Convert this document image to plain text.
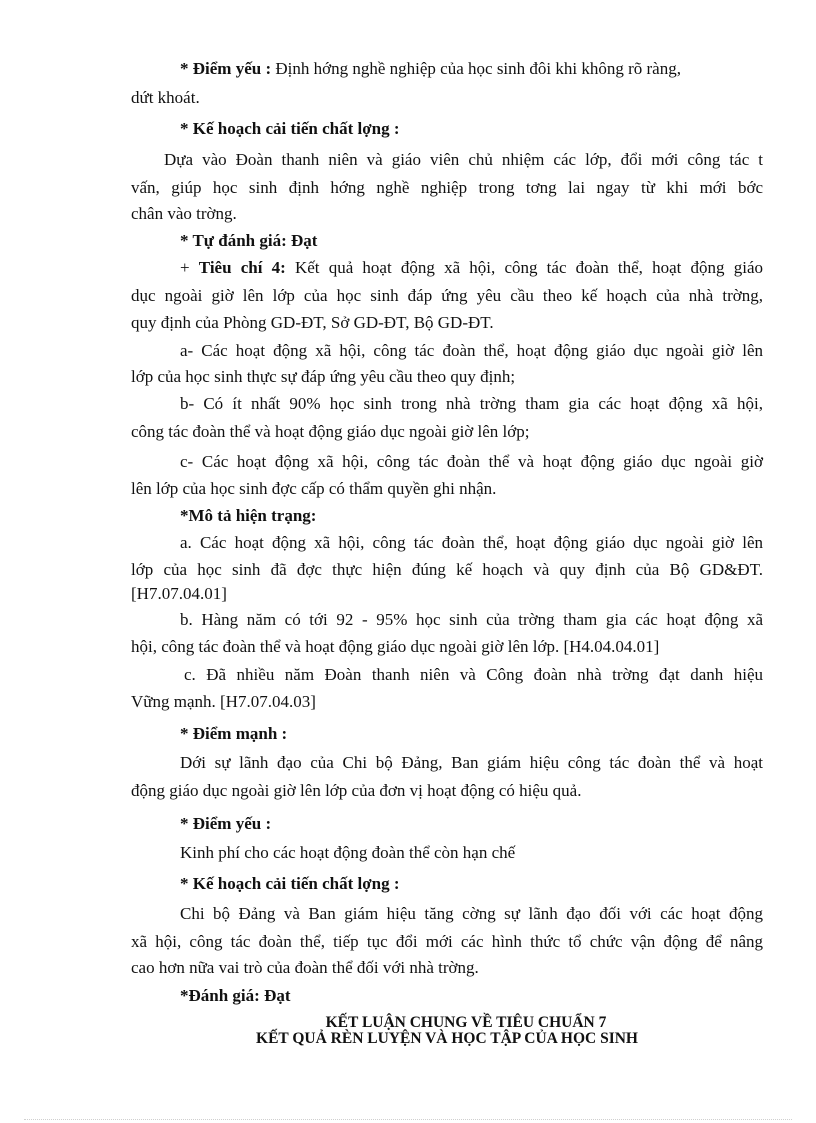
* Điểm yếu : Định hớng nghề nghiệp của học sinh đôi khi không rõ ràng,

dứt khoát.

* Kế hoạch cải tiến chất lợng :

Dựa vào Đoàn thanh niên và giáo viên chủ nhiệm các lớp, đổi mới công tác t

vấn, giúp học sinh định hớng nghề nghiệp trong tơng lai ngay từ khi mới bớc

chân vào trờng.

* Tự đánh giá: Đạt

+ Tiêu chí 4: Kết quả hoạt động xã hội, công tác đoàn thể, hoạt động giáo

dục ngoài giờ lên lớp của học sinh đáp ứng yêu cầu theo kế hoạch của nhà trờng,

quy định của Phòng GD-ĐT, Sở GD-ĐT, Bộ GD-ĐT.

a- Các hoạt động xã hội, công tác đoàn thể, hoạt động giáo dục ngoài giờ lên

lớp của học sinh thực sự đáp ứng yêu cầu theo quy định;

b- Có ít nhất 90% học sinh trong nhà trờng tham gia các hoạt động xã hội,

công tác đoàn thể và hoạt động giáo dục ngoài giờ lên lớp;

c- Các hoạt động xã hội, công tác đoàn thể và hoạt động giáo dục ngoài giờ

lên lớp của học sinh đợc cấp có thẩm quyền ghi nhận.

*Mô tả hiện trạng:

a. Các hoạt động xã hội, công tác đoàn thể, hoạt động giáo dục ngoài giờ lên

lớp của học sinh đã đợc thực hiện đúng kế hoạch và quy định của Bộ GD&ĐT.

[H7.07.04.01]

b. Hàng năm có tới 92 - 95% học sinh của trờng tham gia các hoạt động xã

hội, công tác đoàn thể và hoạt động giáo dục ngoài giờ lên lớp. [H4.04.04.01]

c. Đã nhiều năm Đoàn thanh niên và Công đoàn nhà trờng đạt danh hiệu

Vững mạnh. [H7.07.04.03]

* Điểm mạnh :

Dới sự lãnh đạo của Chi bộ Đảng, Ban giám hiệu công tác đoàn thể và hoạt

động giáo dục ngoài giờ lên lớp của đơn vị hoạt động có hiệu quả.

* Điểm yếu :

Kinh phí cho các hoạt động đoàn thể còn hạn chế

* Kế hoạch cải tiến chất lợng :

Chi bộ Đảng và Ban giám hiệu tăng cờng sự lãnh đạo đối với các hoạt động

xã hội, công tác đoàn thể, tiếp tục đổi mới các hình thức tổ chức vận động để nâng

cao hơn nữa vai trò của đoàn thể đối với nhà trờng.

*Đánh giá: Đạt

KẾT LUẬN CHUNG VỀ TIÊU CHUẨN 7

KẾT QUẢ RÈN LUYỆN VÀ HỌC TẬP CỦA HỌC SINH
